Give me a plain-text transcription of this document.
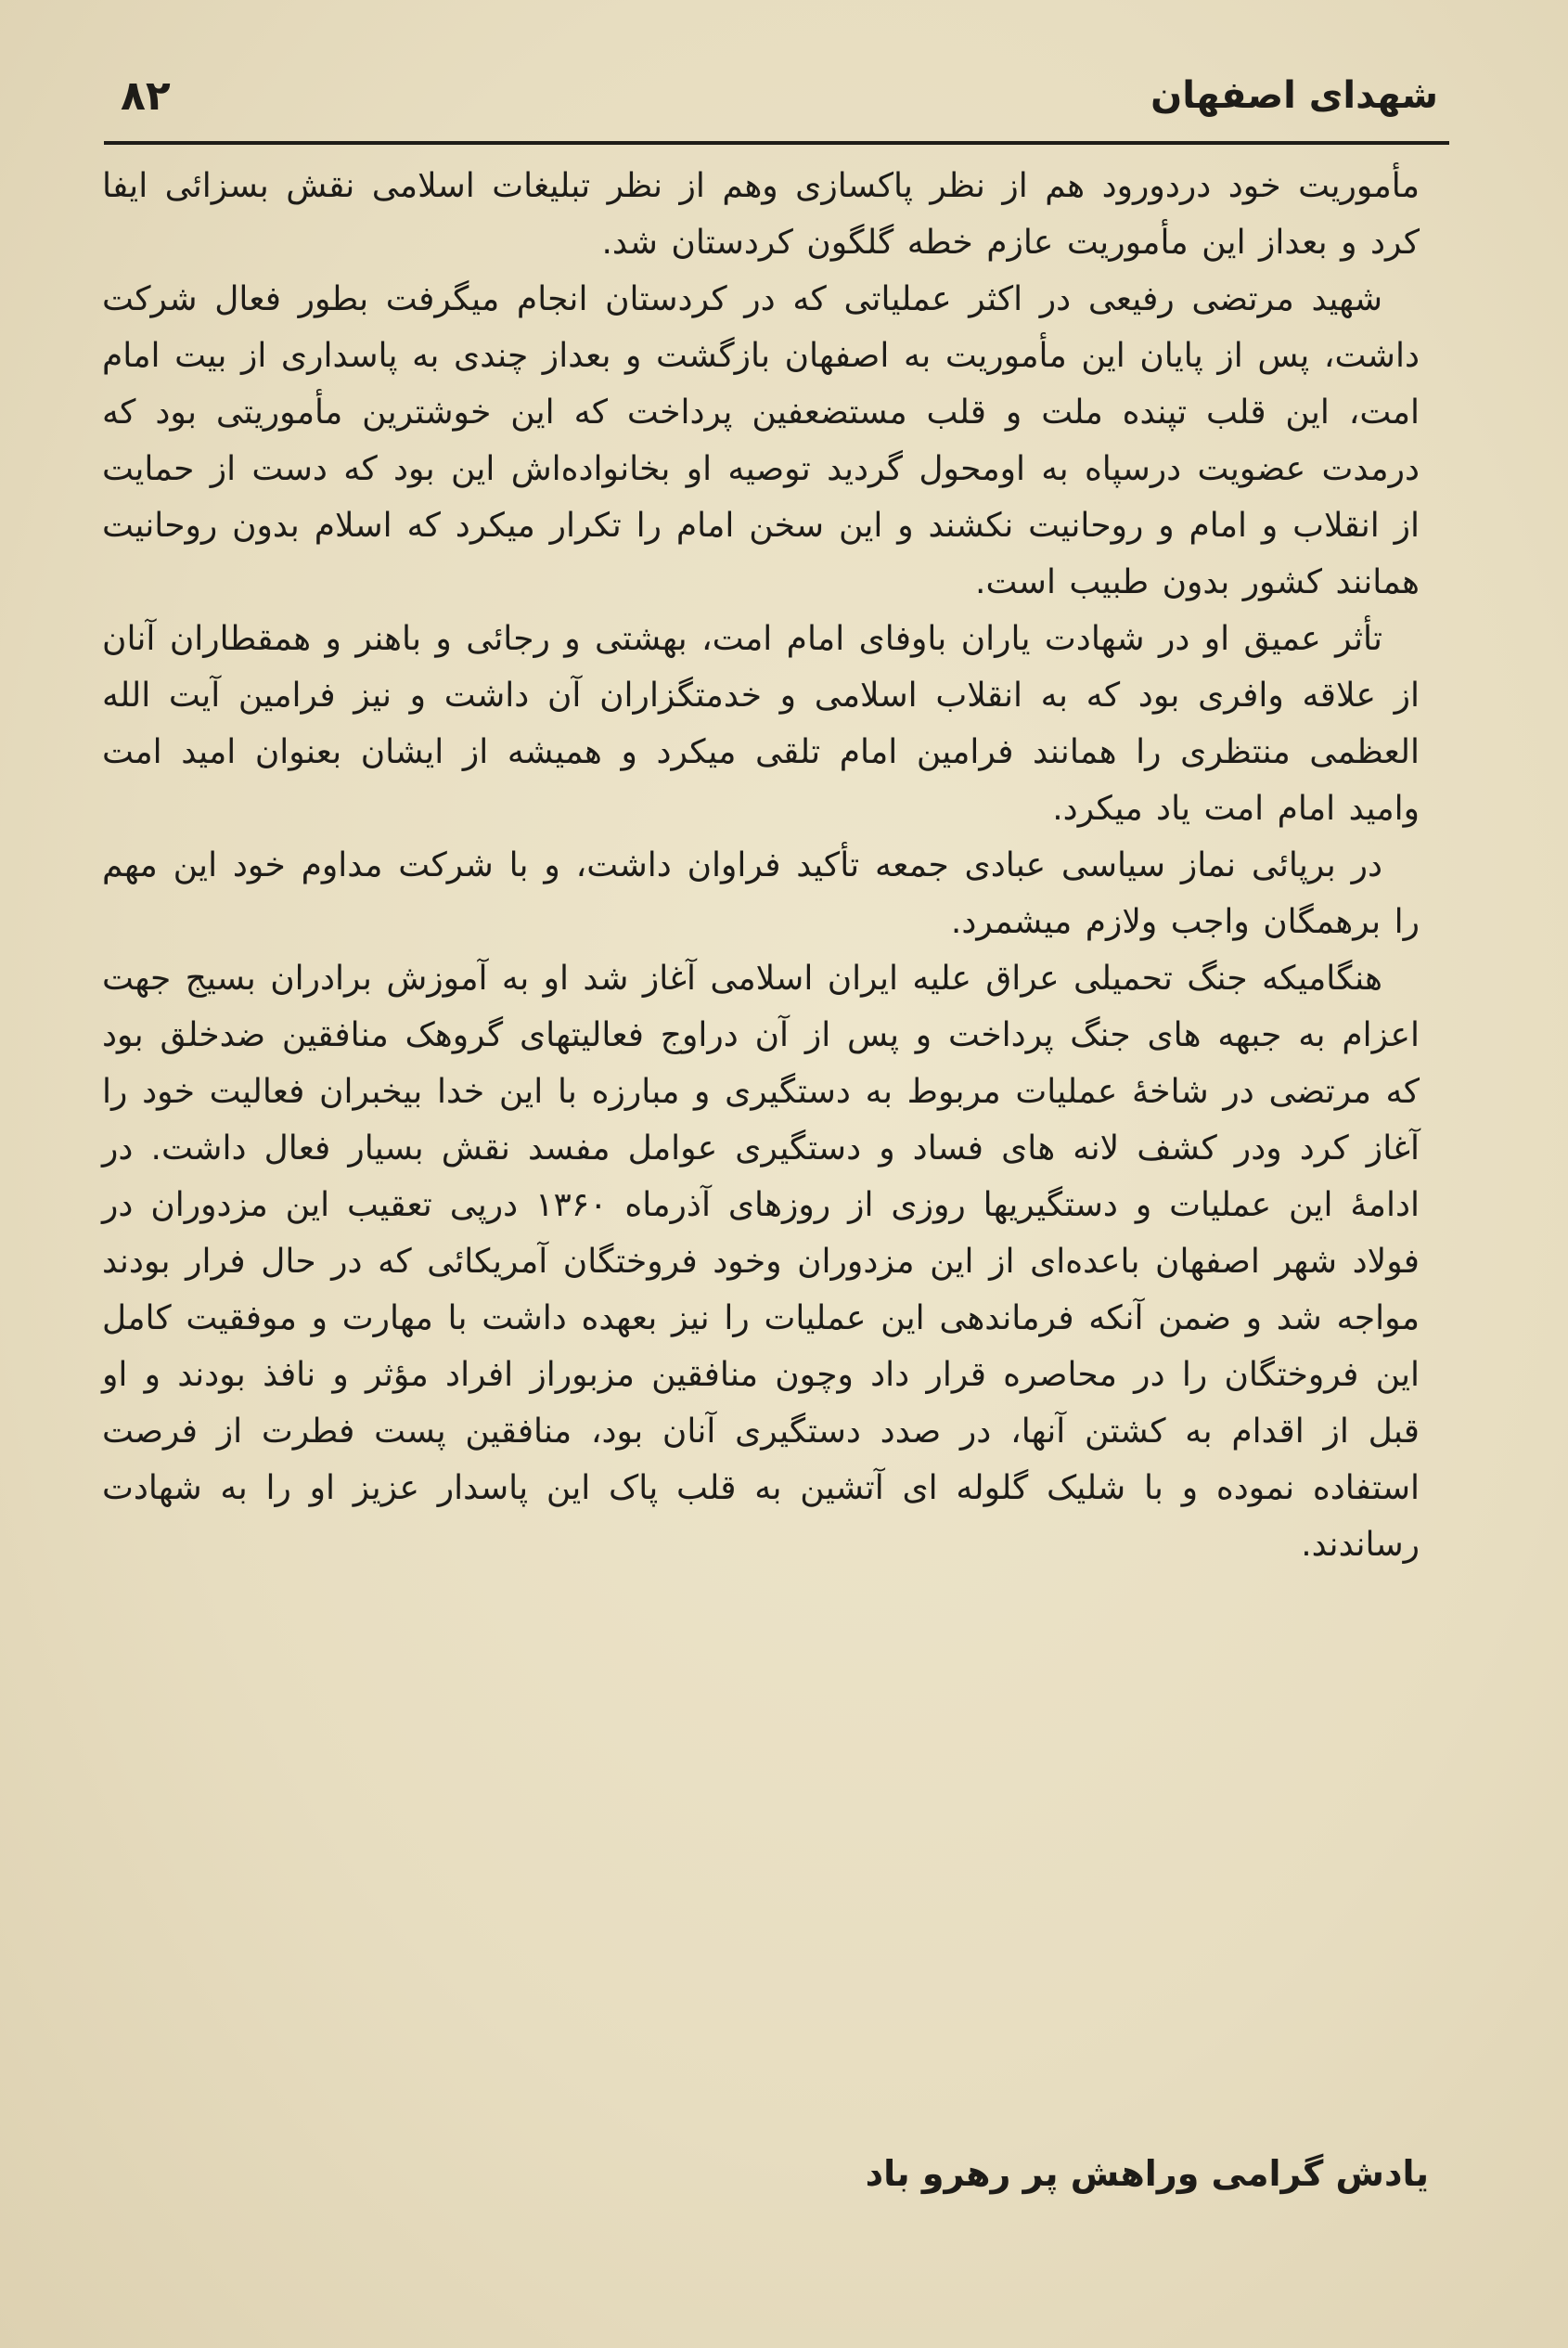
شهدای اصفهان
۸۲

مأموریت خود دردورود هم از نظر پاکسازی وهم از نظر تبلیغات اسلامی نقش بسزائی ایفا کرد و بعداز این مأموریت عازم خطه گلگون کردستان شد.

شهید مرتضی رفیعی در اکثر عملیاتی که در کردستان انجام میگرفت بطور فعال شرکت داشت، پس از پایان این مأموریت به اصفهان بازگشت و بعداز چندی به پاسداری از بیت امام امت، این قلب تپنده ملت و قلب مستضعفین پرداخت که این خوشترین مأموریتی بود که درمدت عضویت درسپاه به اومحول گردید توصیه او بخانواده‌اش این بود که دست از حمایت از انقلاب و امام و روحانیت نکشند و این سخن امام را تکرار میکرد که اسلام بدون روحانیت همانند کشور بدون طبیب است.

تأثر عمیق او در شهادت یاران باوفای امام امت، بهشتی و رجائی و باهنر و همقطاران آنان از علاقه وافری بود که به انقلاب اسلامی و خدمتگزاران آن داشت و نیز فرامین آیت الله العظمی منتظری را همانند فرامین امام تلقی میکرد و همیشه از ایشان بعنوان امید امت وامید امام امت یاد میکرد.

در برپائی نماز سیاسی عبادی جمعه تأکید فراوان داشت، و با شرکت مداوم خود این مهم را برهمگان واجب ولازم میشمرد.

هنگامیکه جنگ تحمیلی عراق علیه ایران اسلامی آغاز شد او به آموزش برادران بسیج جهت اعزام به جبهه های جنگ پرداخت و پس از آن دراوج فعالیتهای گروهک منافقین ضدخلق بود که مرتضی در شاخهٔ عملیات مربوط به دستگیری و مبارزه با این خدا بیخبران فعالیت خود را آغاز کرد ودر کشف لانه های فساد و دستگیری عوامل مفسد نقش بسیار فعال داشت. در ادامهٔ این عملیات و دستگیریها روزی از روزهای آذرماه ۱۳۶۰ درپی تعقیب این مزدوران در فولاد شهر اصفهان باعده‌ای از این مزدوران وخود فروختگان آمریکائی که در حال فرار بودند مواجه شد و ضمن آنکه فرماندهی این عملیات را نیز بعهده داشت با مهارت و موفقیت کامل این فروختگان را در محاصره قرار داد وچون منافقین مزبوراز افراد مؤثر و نافذ بودند و او قبل از اقدام به کشتن آنها، در صدد دستگیری آنان بود، منافقین پست فطرت از فرصت استفاده نموده و با شلیک گلوله ای آتشین به قلب پاک این پاسدار عزیز او را به شهادت رساندند.

یادش گرامی وراهش پر رهرو باد
